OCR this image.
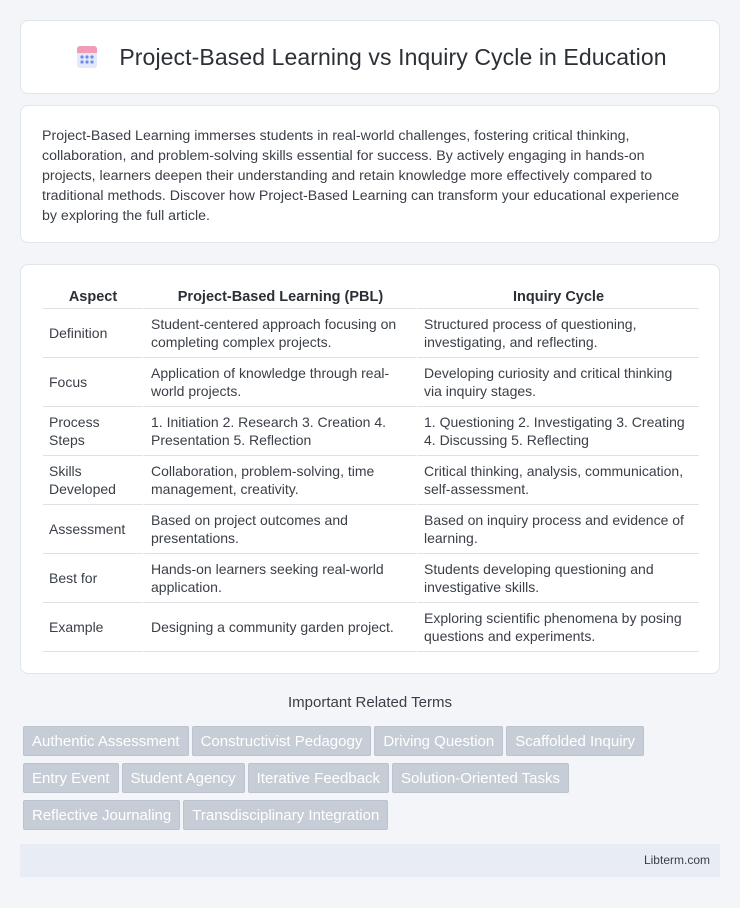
Project-Based Learning vs Inquiry Cycle in Education

Project-Based Learning immerses students in real-world challenges, fostering critical thinking, collaboration, and problem-solving skills essential for success. By actively engaging in hands-on projects, learners deepen their understanding and retain knowledge more effectively compared to traditional methods. Discover how Project-Based Learning can transform your educational experience by exploring the full article.

Aspect	Project-Based Learning (PBL)	Inquiry Cycle
Definition	Student-centered approach focusing on completing complex projects.	Structured process of questioning, investigating, and reflecting.
Focus	Application of knowledge through real-world projects.	Developing curiosity and critical thinking via inquiry stages.
Process Steps	1. Initiation 2. Research 3. Creation 4. Presentation 5. Reflection	1. Questioning 2. Investigating 3. Creating 4. Discussing 5. Reflecting
Skills Developed	Collaboration, problem-solving, time management, creativity.	Critical thinking, analysis, communication, self-assessment.
Assessment	Based on project outcomes and presentations.	Based on inquiry process and evidence of learning.
Best for	Hands-on learners seeking real-world application.	Students developing questioning and investigative skills.
Example	Designing a community garden project.	Exploring scientific phenomena by posing questions and experiments.
Important Related Terms
Authentic Assessment Constructivist Pedagogy Driving Question Scaffolded Inquiry
Entry Event Student Agency Iterative Feedback Solution-Oriented Tasks
Reflective Journaling Transdisciplinary Integration
Libterm.com
